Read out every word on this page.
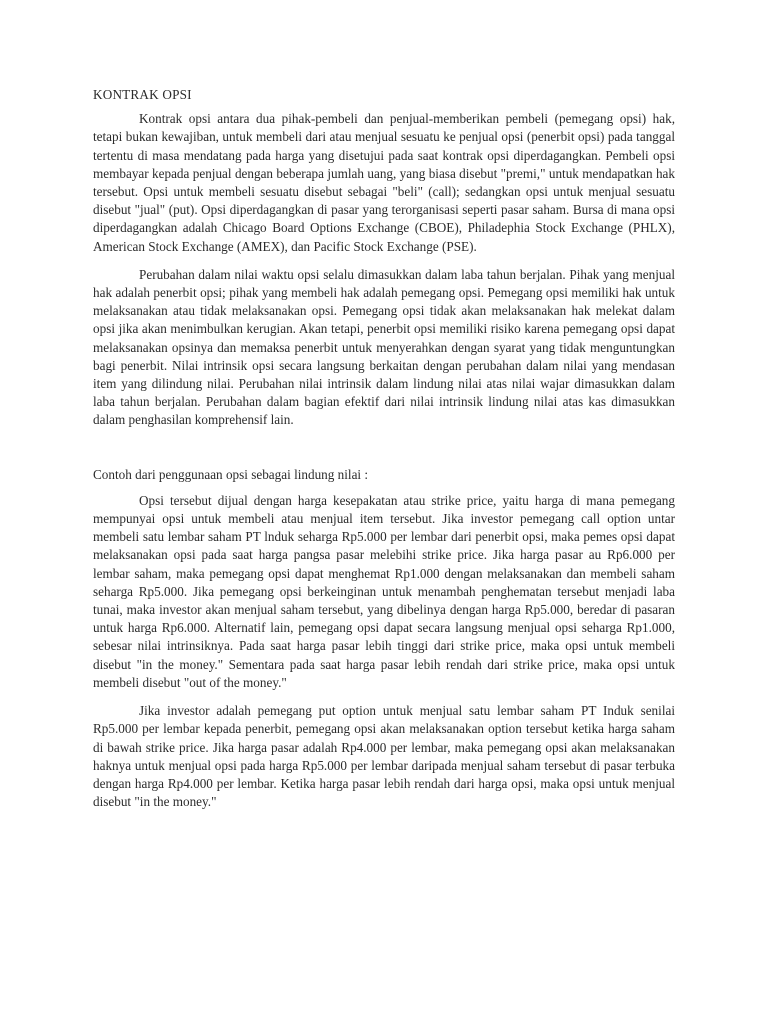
KONTRAK OPSI

Kontrak opsi antara dua pihak-pembeli dan penjual-memberikan pembeli (pemegang opsi) hak, tetapi bukan kewajiban, untuk membeli dari atau menjual sesuatu ke penjual opsi (penerbit opsi) pada tanggal tertentu di masa mendatang pada harga yang disetujui pada saat kontrak opsi diperdagangkan. Pembeli opsi membayar kepada penjual dengan beberapa jumlah uang, yang biasa disebut "premi," untuk mendapatkan hak tersebut. Opsi untuk membeli sesuatu disebut sebagai "beli" (call); sedangkan opsi untuk menjual sesuatu disebut "jual" (put). Opsi diperdagangkan di pasar yang terorganisasi seperti pasar saham. Bursa di mana opsi diperdagangkan adalah Chicago Board Options Exchange (CBOE), Philadephia Stock Exchange (PHLX), American Stock Exchange (AMEX), dan Pacific Stock Exchange (PSE).

Perubahan dalam nilai waktu opsi selalu dimasukkan dalam laba tahun berjalan. Pihak yang menjual hak adalah penerbit opsi; pihak yang membeli hak adalah pemegang opsi. Pemegang opsi memiliki hak untuk melaksanakan atau tidak melaksanakan opsi. Pemegang opsi tidak akan melaksanakan hak melekat dalam opsi jika akan menimbulkan kerugian. Akan tetapi, penerbit opsi memiliki risiko karena pemegang opsi dapat melaksanakan opsinya dan memaksa penerbit untuk menyerahkan dengan syarat yang tidak menguntungkan bagi penerbit. Nilai intrinsik opsi secara langsung berkaitan dengan perubahan dalam nilai yang mendasan item yang dilindung nilai. Perubahan nilai intrinsik dalam lindung nilai atas nilai wajar dimasukkan dalam laba tahun berjalan. Perubahan dalam bagian efektif dari nilai intrinsik lindung nilai atas kas dimasukkan dalam penghasilan komprehensif lain.

Contoh dari penggunaan opsi sebagai lindung nilai :

Opsi tersebut dijual dengan harga kesepakatan atau strike price, yaitu harga di mana pemegang mempunyai opsi untuk membeli atau menjual item tersebut. Jika investor pemegang call option untar membeli satu lembar saham PT lnduk seharga Rp5.000 per lembar dari penerbit opsi, maka pemes opsi dapat melaksanakan opsi pada saat harga pangsa pasar melebihi strike price. Jika harga pasar au Rp6.000 per lembar saham, maka pemegang opsi dapat menghemat Rp1.000 dengan melaksanakan dan membeli saham seharga Rp5.000. Jika pemegang opsi berkeinginan untuk menambah penghematan tersebut menjadi laba tunai, maka investor akan menjual saham tersebut, yang dibelinya dengan harga Rp5.000, beredar di pasaran untuk harga Rp6.000. Alternatif lain, pemegang opsi dapat secara langsung menjual opsi seharga Rp1.000, sebesar nilai intrinsiknya. Pada saat harga pasar lebih tinggi dari strike price, maka opsi untuk membeli disebut "in the money." Sementara pada saat harga pasar lebih rendah dari strike price, maka opsi untuk membeli disebut "out of the money."

Jika investor adalah pemegang put option untuk menjual satu lembar saham PT Induk senilai Rp5.000 per lembar kepada penerbit, pemegang opsi akan melaksanakan option tersebut ketika harga saham di bawah strike price. Jika harga pasar adalah Rp4.000 per lembar, maka pemegang opsi akan melaksanakan haknya untuk menjual opsi pada harga Rp5.000 per lembar daripada menjual saham tersebut di pasar terbuka dengan harga Rp4.000 per lembar. Ketika harga pasar lebih rendah dari harga opsi, maka opsi untuk menjual disebut "in the money."
